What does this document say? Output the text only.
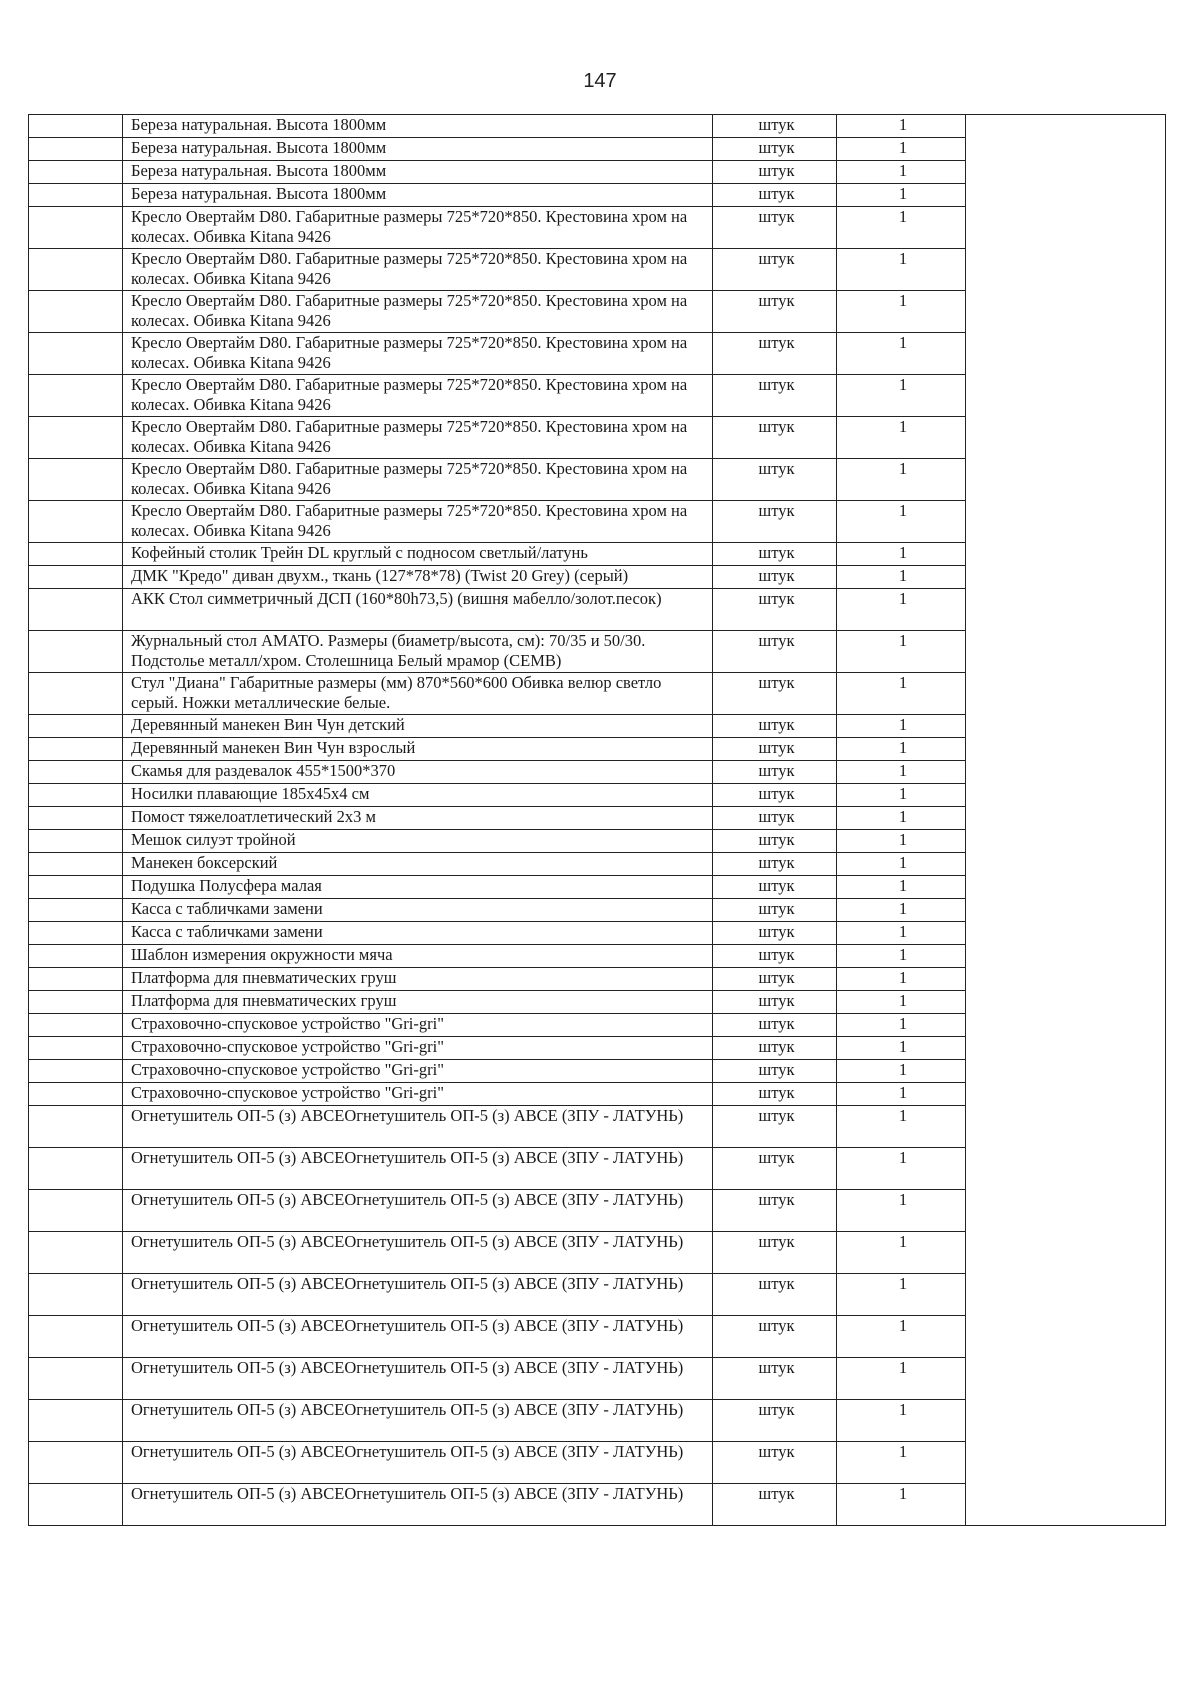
147
	Береза натуральная. Высота 1800мм	штук	1	
	Береза натуральная. Высота 1800мм	штук	1	
	Береза натуральная. Высота 1800мм	штук	1	
	Береза натуральная. Высота 1800мм	штук	1	
	Кресло Овертайм D80. Габаритные размеры 725*720*850. Крестовина хром на колесах. Обивка Kitana 9426	штук	1	
	Кресло Овертайм D80. Габаритные размеры 725*720*850. Крестовина хром на колесах. Обивка Kitana 9426	штук	1	
	Кресло Овертайм D80. Габаритные размеры 725*720*850. Крестовина хром на колесах. Обивка Kitana 9426	штук	1	
	Кресло Овертайм D80. Габаритные размеры 725*720*850. Крестовина хром на колесах. Обивка Kitana 9426	штук	1	
	Кресло Овертайм D80. Габаритные размеры 725*720*850. Крестовина хром на колесах. Обивка Kitana 9426	штук	1	
	Кресло Овертайм D80. Габаритные размеры 725*720*850. Крестовина хром на колесах. Обивка Kitana 9426	штук	1	
	Кресло Овертайм D80. Габаритные размеры 725*720*850. Крестовина хром на колесах. Обивка Kitana 9426	штук	1	
	Кресло Овертайм D80. Габаритные размеры 725*720*850. Крестовина хром на колесах. Обивка Kitana 9426	штук	1	
	Кофейный столик Трейн DL круглый с подносом светлый/латунь	штук	1	
	ДМК "Кредо" диван двухм., ткань (127*78*78) (Twist 20 Grey) (серый)	штук	1	
	АКК Стол симметричный ДСП (160*80h73,5) (вишня мабелло/золот.песок)	штук	1	
	Журнальный стол AMATO. Размеры (биаметр/высота, см): 70/35 и 50/30. Подстолье металл/хром. Столешница Белый мрамор (CEMB)	штук	1	
	Стул "Диана" Габаритные размеры (мм) 870*560*600 Обивка велюр светло серый. Ножки металлические белые.	штук	1	
	Деревянный манекен Вин Чун детский	штук	1	
	Деревянный манекен Вин Чун взрослый	штук	1	
	Скамья для раздевалок 455*1500*370	штук	1	
	Носилки плавающие 185х45х4 см	штук	1	
	Помост тяжелоатлетический 2х3 м	штук	1	
	Мешок силуэт тройной	штук	1	
	Манекен боксерский	штук	1	
	Подушка Полусфера малая	штук	1	
	Касса с табличками замени	штук	1	
	Касса с табличками замени	штук	1	
	Шаблон измерения окружности мяча	штук	1	
	Платформа для пневматических груш	штук	1	
	Платформа для пневматических груш	штук	1	
	Страховочно-спусковое устройство "Gri-gri"	штук	1	
	Страховочно-спусковое устройство "Gri-gri"	штук	1	
	Страховочно-спусковое устройство "Gri-gri"	штук	1	
	Страховочно-спусковое устройство "Gri-gri"	штук	1	
	Огнетушитель ОП-5 (з) АВСЕОгнетушитель ОП-5 (з) АВСЕ (ЗПУ - ЛАТУНЬ)	штук	1	
	Огнетушитель ОП-5 (з) АВСЕОгнетушитель ОП-5 (з) АВСЕ (ЗПУ - ЛАТУНЬ)	штук	1	
	Огнетушитель ОП-5 (з) АВСЕОгнетушитель ОП-5 (з) АВСЕ (ЗПУ - ЛАТУНЬ)	штук	1	
	Огнетушитель ОП-5 (з) АВСЕОгнетушитель ОП-5 (з) АВСЕ (ЗПУ - ЛАТУНЬ)	штук	1	
	Огнетушитель ОП-5 (з) АВСЕОгнетушитель ОП-5 (з) АВСЕ (ЗПУ - ЛАТУНЬ)	штук	1	
	Огнетушитель ОП-5 (з) АВСЕОгнетушитель ОП-5 (з) АВСЕ (ЗПУ - ЛАТУНЬ)	штук	1	
	Огнетушитель ОП-5 (з) АВСЕОгнетушитель ОП-5 (з) АВСЕ (ЗПУ - ЛАТУНЬ)	штук	1	
	Огнетушитель ОП-5 (з) АВСЕОгнетушитель ОП-5 (з) АВСЕ (ЗПУ - ЛАТУНЬ)	штук	1	
	Огнетушитель ОП-5 (з) АВСЕОгнетушитель ОП-5 (з) АВСЕ (ЗПУ - ЛАТУНЬ)	штук	1	
	Огнетушитель ОП-5 (з) АВСЕОгнетушитель ОП-5 (з) АВСЕ (ЗПУ - ЛАТУНЬ)	штук	1	
